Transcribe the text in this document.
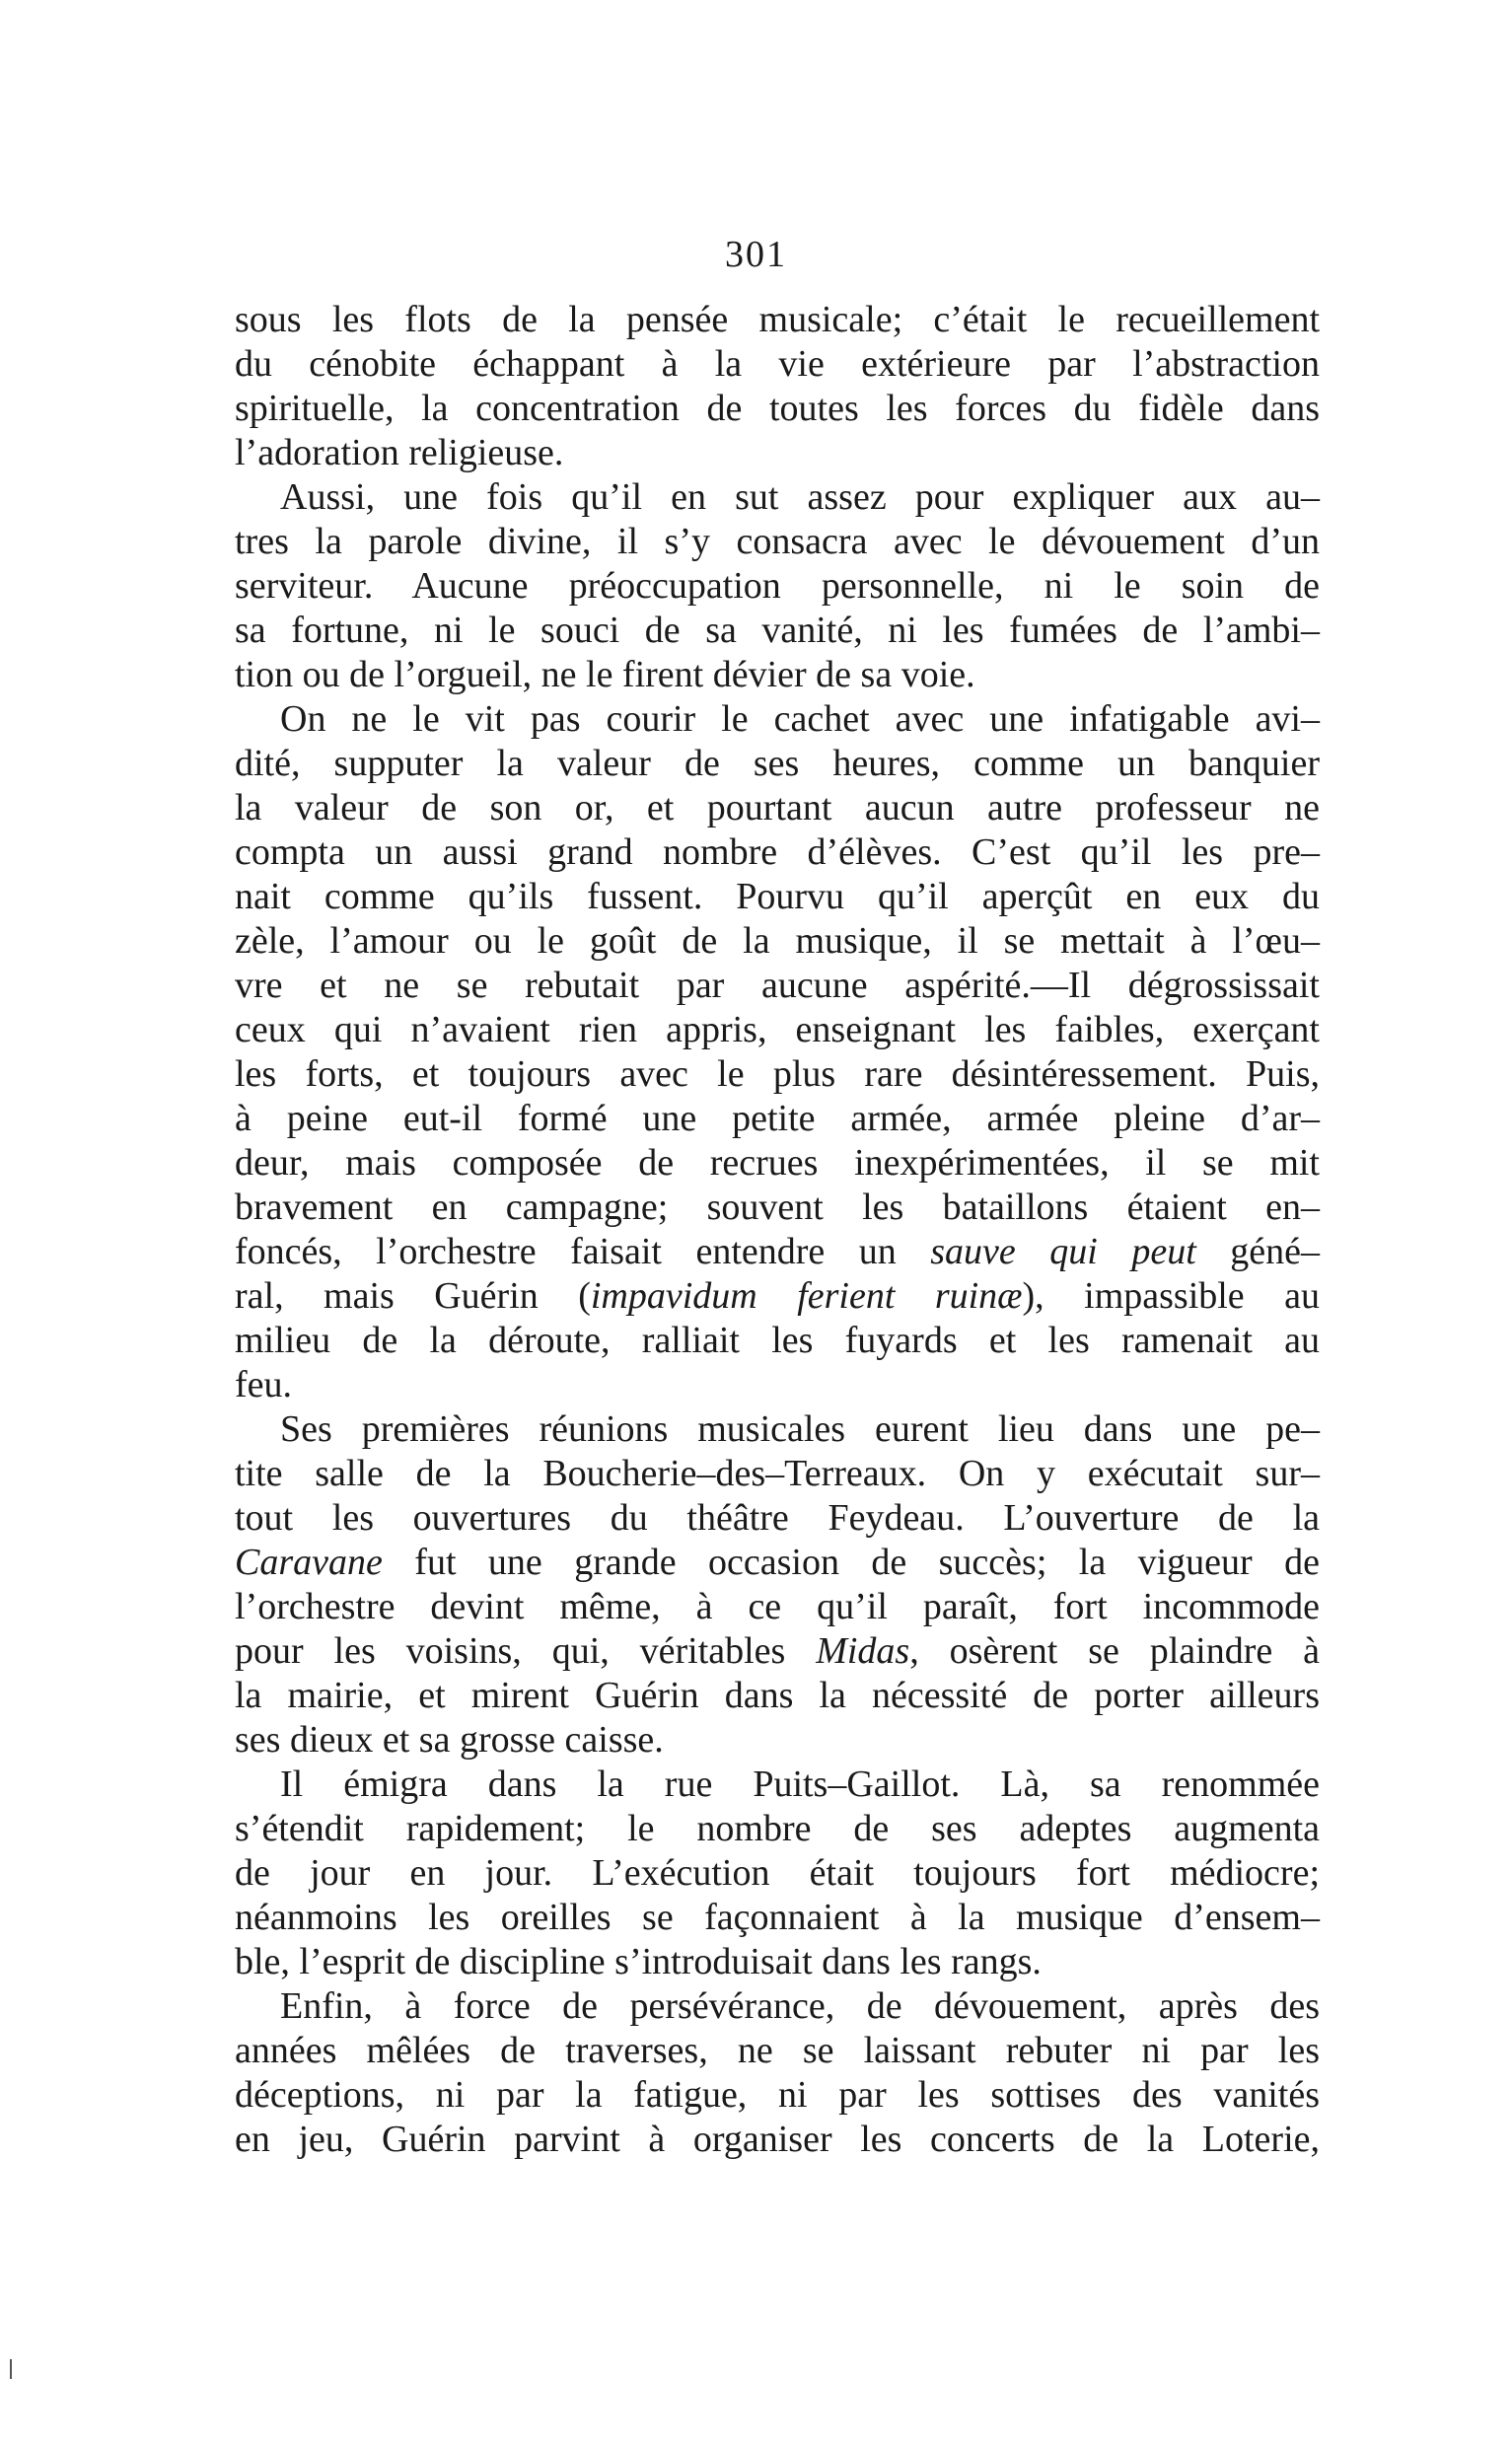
301
sous les flots de la pensée musicale; c’était le recueillement
du cénobite échappant à la vie extérieure par l’abstraction
spirituelle, la concentration de toutes les forces du fidèle dans
l’adoration religieuse.
Aussi, une fois qu’il en sut assez pour expliquer aux au–
tres la parole divine, il s’y consacra avec le dévouement d’un
serviteur. Aucune préoccupation personnelle, ni le soin de
sa fortune, ni le souci de sa vanité, ni les fumées de l’ambi–
tion ou de l’orgueil, ne le firent dévier de sa voie.
On ne le vit pas courir le cachet avec une infatigable avi–
dité, supputer la valeur de ses heures, comme un banquier
la valeur de son or, et pourtant aucun autre professeur ne
compta un aussi grand nombre d’élèves. C’est qu’il les pre–
nait comme qu’ils fussent. Pourvu qu’il aperçût en eux du
zèle, l’amour ou le goût de la musique, il se mettait à l’œu–
vre et ne se rebutait par aucune aspérité.—Il dégrossissait
ceux qui n’avaient rien appris, enseignant les faibles, exerçant
les forts, et toujours avec le plus rare désintéressement. Puis,
à peine eut-il formé une petite armée, armée pleine d’ar–
deur, mais composée de recrues inexpérimentées, il se mit
bravement en campagne; souvent les bataillons étaient en–
foncés, l’orchestre faisait entendre un sauve qui peut géné–
ral, mais Guérin (impavidum ferient ruinæ), impassible au
milieu de la déroute, ralliait les fuyards et les ramenait au
feu.
Ses premières réunions musicales eurent lieu dans une pe–
tite salle de la Boucherie–des–Terreaux. On y exécutait sur–
tout les ouvertures du théâtre Feydeau. L’ouverture de la
Caravane fut une grande occasion de succès; la vigueur de
l’orchestre devint même, à ce qu’il paraît, fort incommode
pour les voisins, qui, véritables Midas, osèrent se plaindre à
la mairie, et mirent Guérin dans la nécessité de porter ailleurs
ses dieux et sa grosse caisse.
Il émigra dans la rue Puits–Gaillot. Là, sa renommée
s’étendit rapidement; le nombre de ses adeptes augmenta
de jour en jour. L’exécution était toujours fort médiocre;
néanmoins les oreilles se façonnaient à la musique d’ensem–
ble, l’esprit de discipline s’introduisait dans les rangs.
Enfin, à force de persévérance, de dévouement, après des
années mêlées de traverses, ne se laissant rebuter ni par les
déceptions, ni par la fatigue, ni par les sottises des vanités
en jeu, Guérin parvint à organiser les concerts de la Loterie,
